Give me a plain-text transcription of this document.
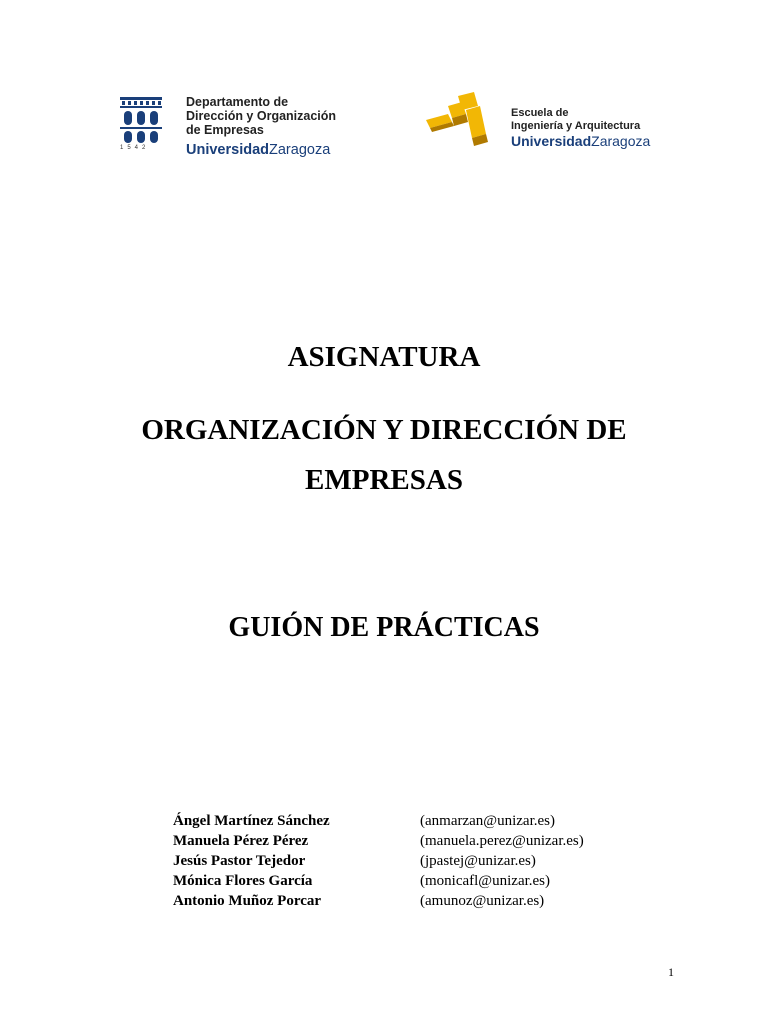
1542
Departamento de
Dirección y Organización
de Empresas
UniversidadZaragoza
Escuela de
Ingeniería y Arquitectura
UniversidadZaragoza
ASIGNATURA
ORGANIZACIÓN Y DIRECCIÓN DE
EMPRESAS
GUIÓN DE PRÁCTICAS
Ángel Martínez Sánchez	(anmarzan@unizar.es)
Manuela Pérez Pérez	(manuela.perez@unizar.es)
Jesús Pastor Tejedor	(jpastej@unizar.es)
Mónica Flores García	(monicafl@unizar.es)
Antonio Muñoz Porcar	(amunoz@unizar.es)
1
